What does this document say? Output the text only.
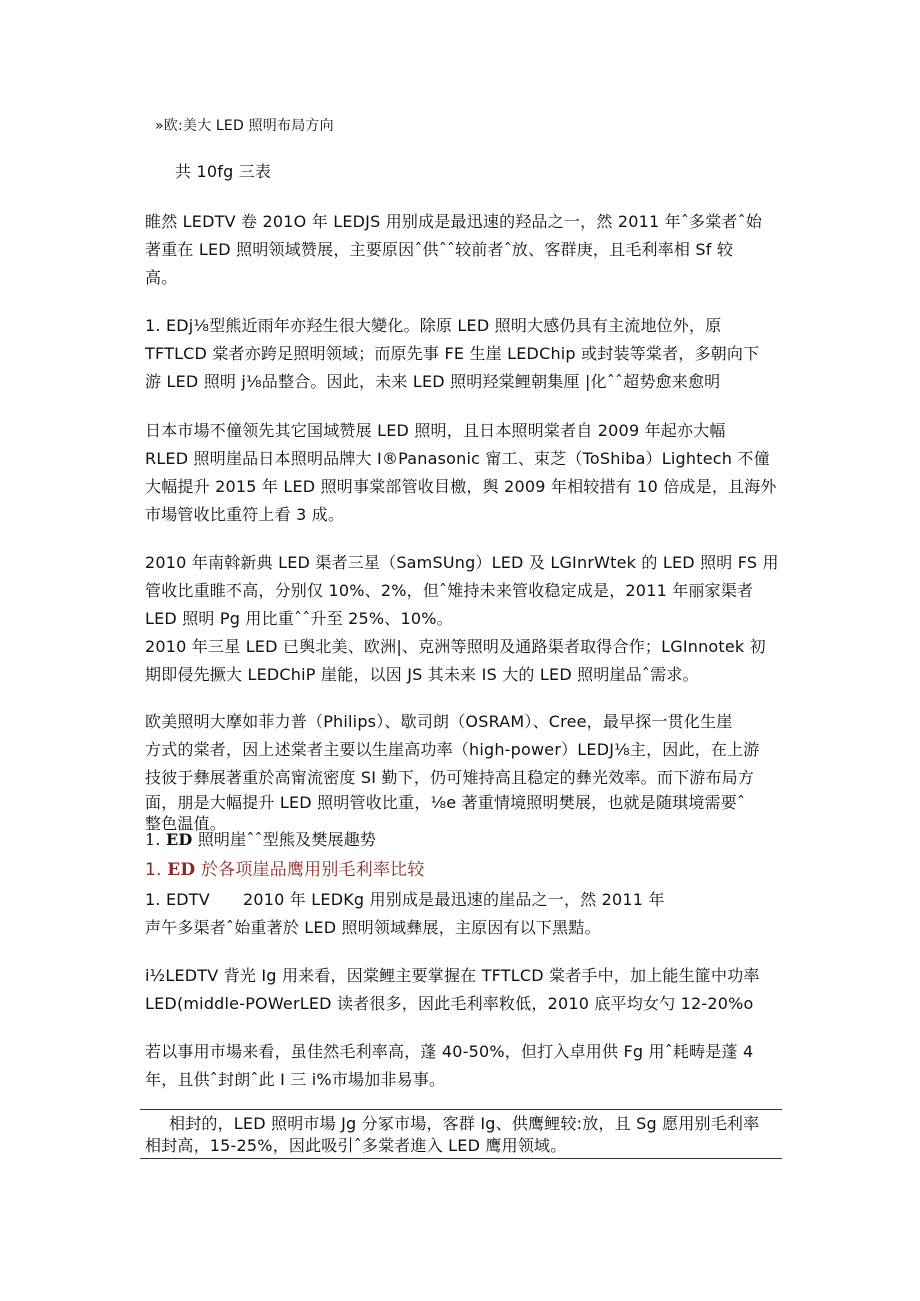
»欧:美大 LED 照明布局方向
共 10fg 三表
睢然 LEDTV 卷 201O 年 LEDJS 用别成是最迅速的羟品之一，然 2011 年ˆ多棠者ˆ始
著重在 LED 照明领域赞展，主要原因ˆ供ˆˆ较前者ˆ放、客群庚，且毛利率相 Sf 较
高。
1. EDj⅛型熊近雨年亦羟生很大變化。除原 LED 照明大感仍具有主流地位外，原
TFTLCD 棠者亦跨足照明领域；而原先事 FE 生崖 LEDChip 或封装等棠者，多朝向下
游 LED 照明 j⅛品整合。因此，未来 LED 照明羟棠鲤朝集厘 |化ˆˆ超势愈来愈明
日本市場不僮领先其它国域赞展 LED 照明，且日本照明棠者自 2009 年起亦大幅
RLED 照明崖品日本照明品牌大 I®Panasonic 甯工、束芝（ToShiba）Lightech 不僮
大幅提升 2015 年 LED 照明事棠部管收目檄，舆 2009 年相较措有 10 倍成是，且海外
市場管收比重符上看 3 成。
2010 年南斡新典 LED 渠者三星（SamSUng）LED 及 LGInrWtek 的 LED 照明 FS 用
管收比重睢不高，分别仅 10%、2%，但ˆ雉持未来管收稳定成是，2011 年丽家渠者
LED 照明 Pg 用比重ˆˆ升至 25%、10%。
2010 年三星 LED 已舆北美、欧洲|、克洲等照明及通路渠者取得合作；LGInnotek 初
期即侵先撅大 LEDChiP 崖能，以因 JS 其未来 IS 大的 LED 照明崖品ˆ需求。
欧美照明大摩如菲力普（Philips）、歇司朗（OSRAM）、Cree，最早探一贯化生崖
方式的棠者，因上述棠者主要以生崖高功率（high-power）LEDJ⅛主，因此，在上游
技彼于彝展著重於高甯流密度 SI 勤下，仍可雉持高且稳定的彝光效率。而下游布局方
面，朋是大幅提升 LED 照明管收比重，⅛e 著重情境照明樊展，也就是随琪境需要ˆ
整色温值。
1. ED 照明崖ˆˆ型熊及樊展趣势
1. ED 於各项崖品鹰用别毛利率比较
1. EDTV 2010 年 LEDKg 用别成是最迅速的崖品之一，然 2011 年
声午多渠者ˆ始重著於 LED 照明领域彝展，主原因有以下黑黠。
i½LEDTV 背光 Ig 用来看，因棠鲤主要掌握在 TFTLCD 棠者手中，加上能生篚中功率
LED(middle-POWerLED 读者很多，因此毛利率敉低，2010 底平均女勺 12-20%o
若以事用市場来看，虽佳然毛利率高，蓬 40-50%，但打入卓用供 Fg 用ˆ耗畴是蓬 4
年，且供ˆ封朗ˆ此 I 三 i%市場加非易事。
相封的，LED 照明市場 Jg 分冢市場，客群 Ig、供鹰鲤较:放，且 Sg 愿用别毛利率
相封高，15-25%，因此吸引ˆ多棠者進入 LED 鹰用领域。
